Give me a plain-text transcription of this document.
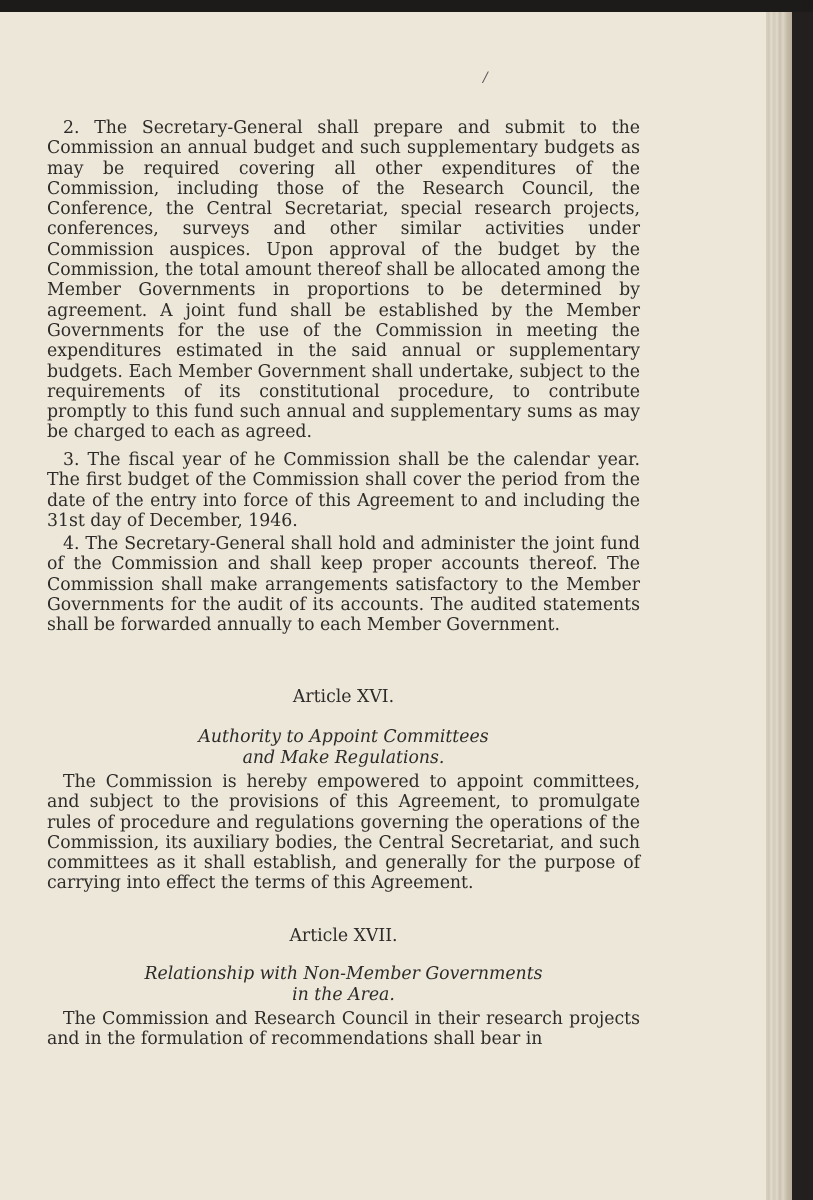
/

2. The Secretary-General shall prepare and submit to the Commission an annual budget and such supplementary budgets as may be required covering all other expenditures of the Commission, including those of the Research Council, the Conference, the Central Secretariat, special research projects, conferences, surveys and other similar activities under Commission auspices. Upon approval of the budget by the Commission, the total amount thereof shall be allocated among the Member Governments in proportions to be determined by agreement. A joint fund shall be established by the Member Governments for the use of the Commission in meeting the expenditures estimated in the said annual or supplementary budgets. Each Member Government shall undertake, subject to the requirements of its constitutional procedure, to contribute promptly to this fund such annual and supplementary sums as may be charged to each as agreed.

3. The fiscal year of he Commission shall be the calendar year. The first budget of the Commission shall cover the period from the date of the entry into force of this Agreement to and including the 31st day of December, 1946.

4. The Secretary-General shall hold and administer the joint fund of the Commission and shall keep proper accounts thereof. The Commission shall make arrangements satisfactory to the Member Governments for the audit of its accounts. The audited statements shall be forwarded annually to each Member Government.

Article XVI.
Authority to Appoint Committees
and Make Regulations.

The Commission is hereby empowered to appoint committees, and subject to the provisions of this Agreement, to promulgate rules of procedure and regulations governing the operations of the Commission, its auxiliary bodies, the Central Secretariat, and such committees as it shall establish, and generally for the purpose of carrying into effect the terms of this Agreement.

Article XVII.
Relationship with Non-Member Governments
in the Area.

The Commission and Research Council in their research projects and in the formulation of recommendations shall bear in
